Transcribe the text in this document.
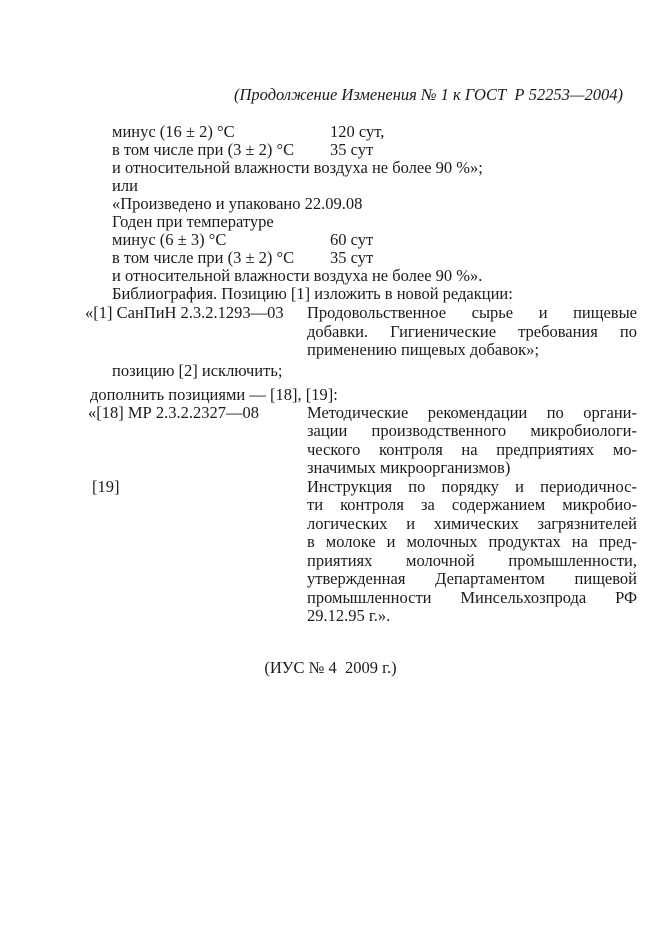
(Продолжение Изменения № 1 к ГОСТ  Р 52253—2004)
минус (16 ± 2) °С	120 сут,
в том числе при (3 ± 2) °С	35 сут
и относительной влажности воздуха не более 90 %»;
или
«Произведено и упаковано 22.09.08
Годен при температуре
минус (6 ± 3) °С	60 сут
в том числе при (3 ± 2) °С	35 сут
и относительной влажности воздуха не более 90 %».
Библиография. Позицию [1] изложить в новой редакции:
«[1] СанПиН 2.3.2.1293—03	Продовольственное сырье и пищевые
добавки. Гигиенические требования по
применению пищевых добавок»;
позицию [2] исключить;
дополнить позициями — [18], [19]:
«[18] МР 2.3.2.2327—08	Методические рекомендации по органи-
зации производственного микробиологи-
ческого контроля на предприятиях мо-
значимых микроорганизмов)
[19]	Инструкция по порядку и периодичнос-
ти контроля за содержанием микробио-
логических и химических загрязнителей
в молоке и молочных продуктах на пред-
приятиях молочной промышленности,
утвержденная Департаментом пищевой
промышленности Минсельхозпрода РФ
29.12.95 г.».
(ИУС № 4  2009 г.)
